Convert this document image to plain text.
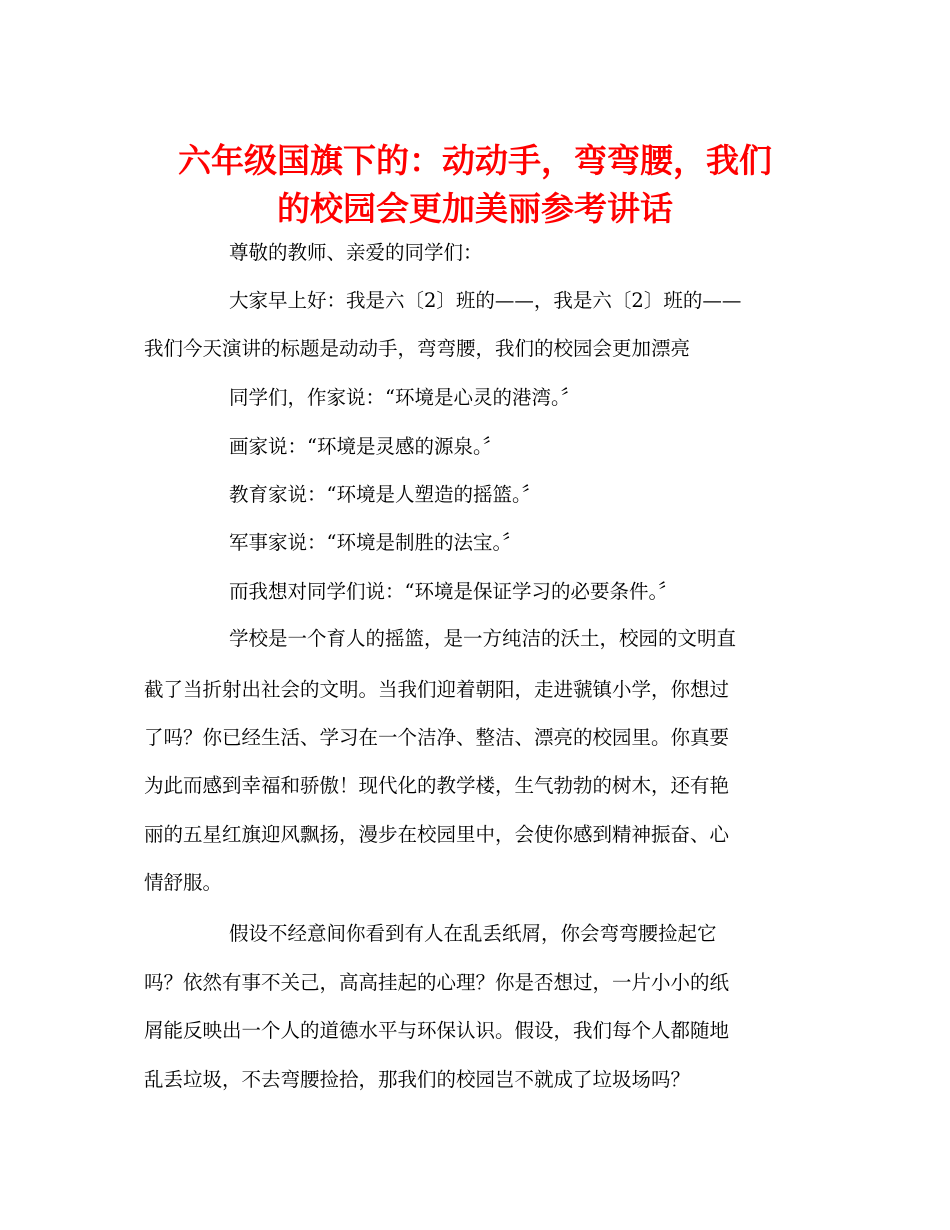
六年级国旗下的：动动手，弯弯腰，我们
的校园会更加美丽参考讲话
尊敬的教师、亲爱的同学们：
大家早上好：我是六〔2〕班的——，我是六〔2〕班的——
我们今天演讲的标题是动动手，弯弯腰，我们的校园会更加漂亮
同学们，作家说：“环境是心灵的港湾。〞
画家说：“环境是灵感的源泉。〞
教育家说：“环境是人塑造的摇篮。〞
军事家说：“环境是制胜的法宝。〞
而我想对同学们说：“环境是保证学习的必要条件。〞
学校是一个育人的摇篮，是一方纯洁的沃土，校园的文明直
截了当折射出社会的文明。当我们迎着朝阳，走进虢镇小学，你想过
了吗？你已经生活、学习在一个洁净、整洁、漂亮的校园里。你真要
为此而感到幸福和骄傲！现代化的教学楼，生气勃勃的树木，还有艳
丽的五星红旗迎风飘扬，漫步在校园里中，会使你感到精神振奋、心
情舒服。
假设不经意间你看到有人在乱丢纸屑，你会弯弯腰捡起它
吗？依然有事不关己，高高挂起的心理？你是否想过，一片小小的纸
屑能反映出一个人的道德水平与环保认识。假设，我们每个人都随地
乱丢垃圾，不去弯腰捡拾，那我们的校园岂不就成了垃圾场吗？
